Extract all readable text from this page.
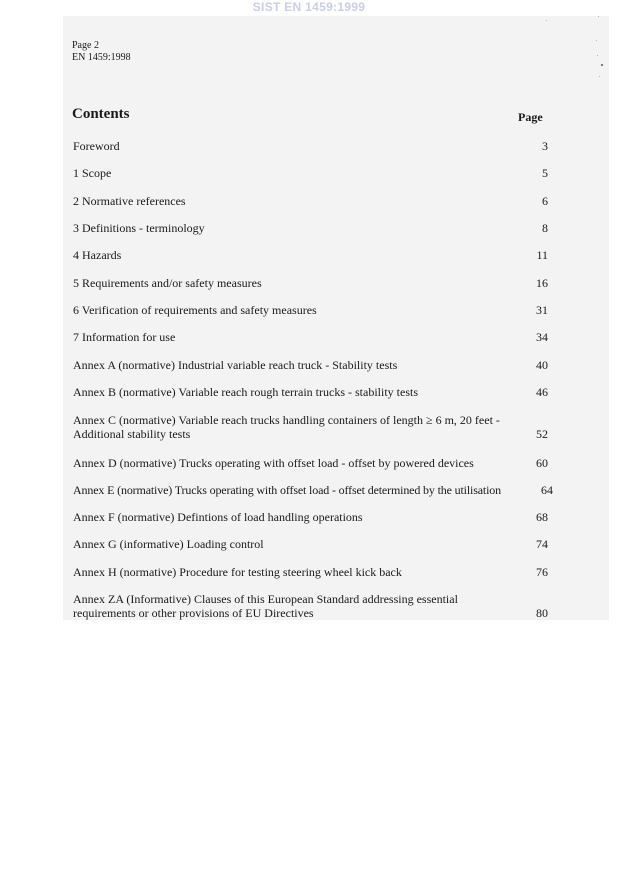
SIST EN 1459:1999
Page 2
EN 1459:1998
Contents	Page
Foreword	3
1 Scope	5
2 Normative references	6
3 Definitions - terminology	8
4 Hazards	11
5 Requirements and/or safety measures	16
6 Verification of requirements and safety measures	31
7 Information for use	34
Annex A (normative) Industrial variable reach truck - Stability tests	40
Annex B (normative) Variable reach rough terrain trucks - stability tests	46
Annex C (normative) Variable reach trucks handling containers of length ≥ 6 m, 20 feet -
Additional stability tests	52
Annex D (normative) Trucks operating with offset load - offset by powered devices	60
Annex E (normative) Trucks operating with offset load - offset determined by the utilisation	64
Annex F (normative) Defintions of load handling operations	68
Annex G (informative) Loading control	74
Annex H (normative) Procedure for testing steering wheel kick back	76
Annex ZA (Informative) Clauses of this European Standard addressing essential
requirements or other provisions of EU Directives	80
